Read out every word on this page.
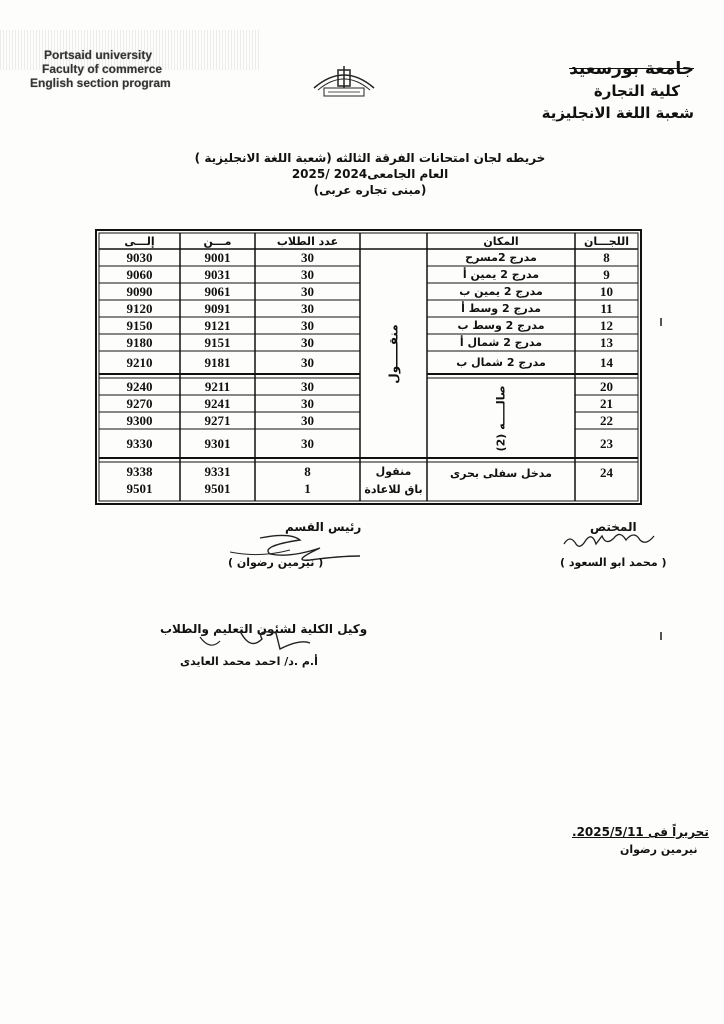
Portsaid university
Faculty of commerce
English section program
جامعة بورسعيد
كلية التجارة
شعبة اللغة الانجليزية
خريطه لجان امتحانات الفرقة الثالثه (شعبة اللغة الانجليزية )
العام الجامعى2024 /2025
(مبنى تجاره عربى)
اللجـــان
المكان
عدد الطلاب
مـــن
إلـــى
8
مدرج 2مسرح
30
9001
9030
9
مدرج 2 يمين أ
30
9031
9060
10
مدرج 2 يمين ب
30
9061
9090
11
مدرج 2 وسط أ
30
9091
9120
12
مدرج 2 وسط ب
30
9121
9150
13
مدرج 2 شمال أ
30
9151
9180
14
مدرج 2 شمال ب
30
9181
9210
20
30
9211
9240
21
30
9241
9270
22
30
9271
9300
23
30
9301
9330
منقـــــول
صالـــــه (2)
24
مدخل سفلى بحرى
منقول
باق للاعادة
8
1
9331
9501
9338
9501
المختص
( محمد ابو السعود )
رئيس القسم
( نيرمين رضوان )
وكيل الكلية لشئون التعليم والطلاب
أ.م .د/ احمد محمد العايدى
تحريراً فى 2025/5/11.
نيرمين رضوان
